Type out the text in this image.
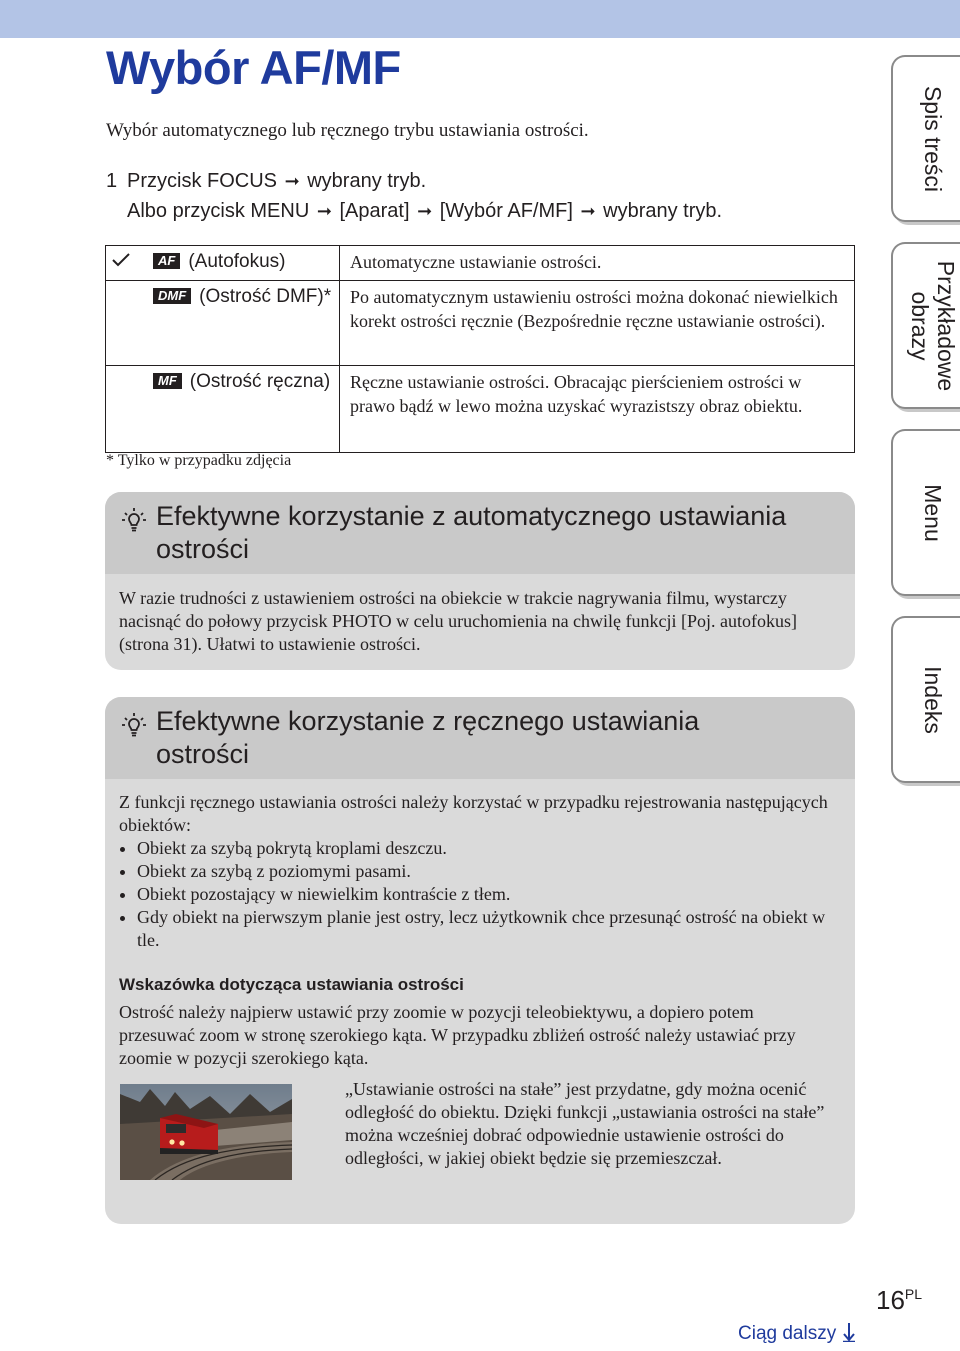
Wybór AF/MF
Wybór automatycznego lub ręcznego trybu ustawiania ostrości.
1 Przycisk FOCUS ➞ wybrany tryb.
Albo przycisk MENU ➞ [Aparat] ➞ [Wybór AF/MF] ➞ wybrany tryb.
	AF (Autofokus)	Automatyczne ustawianie ostrości.
	DMF (Ostrość DMF)*	Po automatycznym ustawieniu ostrości można dokonać niewielkich korekt ostrości ręcznie (Bezpośrednie ręczne ustawianie ostrości).
	MF (Ostrość ręczna)	Ręczne ustawianie ostrości. Obracając pierścieniem ostrości w prawo bądź w lewo można uzyskać wyrazistszy obraz obiektu.
* Tylko w przypadku zdjęcia
Efektywne korzystanie z automatycznego ustawiania ostrości
W razie trudności z ustawieniem ostrości na obiekcie w trakcie nagrywania filmu, wystarczy nacisnąć do połowy przycisk PHOTO w celu uruchomienia na chwilę funkcji [Poj. autofokus] (strona 31). Ułatwi to ustawienie ostrości.
Efektywne korzystanie z ręcznego ustawiania ostrości
Z funkcji ręcznego ustawiania ostrości należy korzystać w przypadku rejestrowania następujących obiektów:
• Obiekt za szybą pokrytą kroplami deszczu.
• Obiekt za szybą z poziomymi pasami.
• Obiekt pozostający w niewielkim kontraście z tłem.
• Gdy obiekt na pierwszym planie jest ostry, lecz użytkownik chce przesunąć ostrość na obiekt w tle.
Wskazówka dotycząca ustawiania ostrości
Ostrość należy najpierw ustawić przy zoomie w pozycji teleobiektywu, a dopiero potem przesuwać zoom w stronę szerokiego kąta. W przypadku zbliżeń ostrość należy ustawiać przy zoomie w pozycji szerokiego kąta.
„Ustawianie ostrości na stałe” jest przydatne, gdy można ocenić odległość do obiektu. Dzięki funkcji „ustawiania ostrości na stałe” można wcześniej dobrać odpowiednie ustawienie ostrości do odległości, w jakiej obiekt będzie się przemieszczał.
Spis treści
Przykładowe obrazy
Menu
Indeks
$16^{PL}$
Ciąg dalszy
